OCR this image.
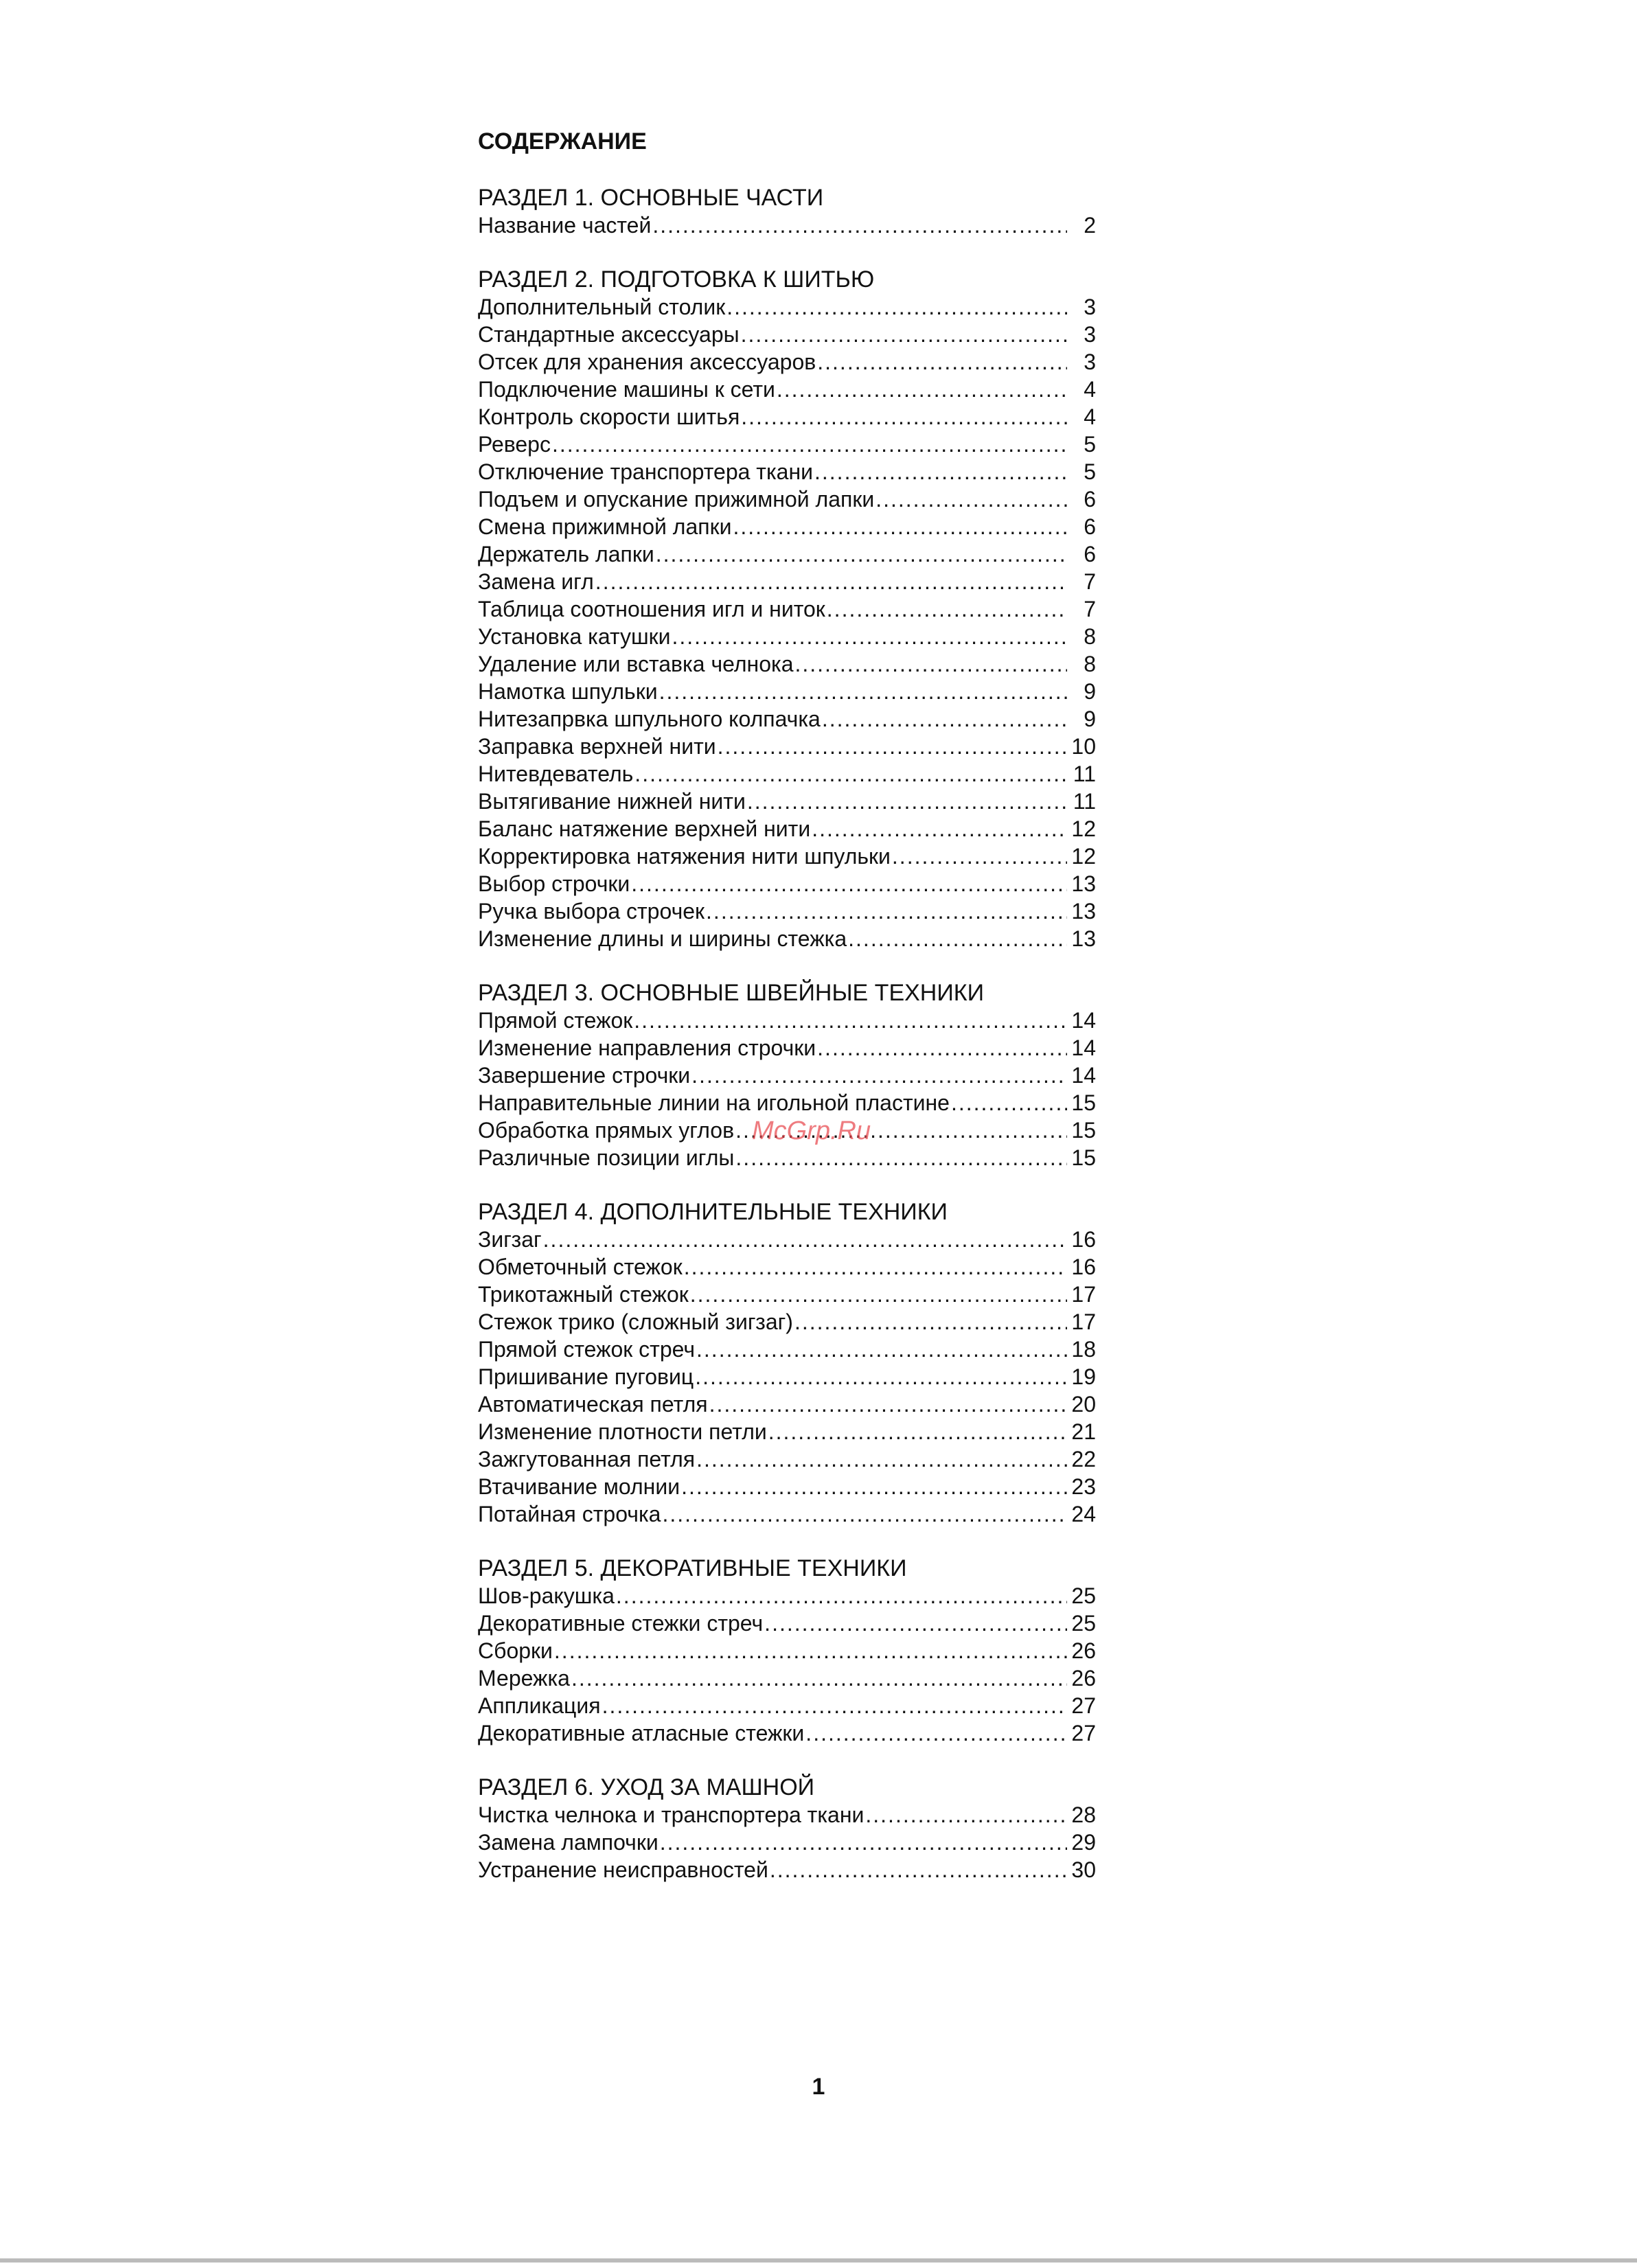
СОДЕРЖАНИЕ
РАЗДЕЛ 1. ОСНОВНЫЕ ЧАСТИ
Название частей .....	2
РАЗДЕЛ 2. ПОДГОТОВКА К ШИТЬЮ
Дополнительный столик .....	3
Стандартные аксессуары .....	3
Отсек для хранения аксессуаров .....	3
Подключение машины к сети .....	4
Контроль скорости шитья .....	4
Реверс .....	5
Отключение транспортера ткани .....	5
Подъем и опускание прижимной лапки .....	6
Смена прижимной лапки .....	6
Держатель лапки .....	6
Замена игл .....	7
Таблица соотношения игл и ниток .....	7
Установка катушки .....	8
Удаление или вставка челнока .....	8
Намотка шпульки .....	9
Нитезапрвка шпульного колпачка .....	9
Заправка верхней нити .....	10
Нитевдеватель .....	11
Вытягивание нижней нити .....	11
Баланс натяжение верхней нити .....	12
Корректировка натяжения нити шпульки .....	12
Выбор строчки .....	13
Ручка выбора строчек .....	13
Изменение длины и ширины стежка .....	13
РАЗДЕЛ 3. ОСНОВНЫЕ ШВЕЙНЫЕ ТЕХНИКИ
Прямой стежок .....	14
Изменение направления строчки .....	14
Завершение строчки .....	14
Направительные линии на игольной пластине .....	15
Обработка прямых углов .....	15
Различные позиции иглы .....	15
РАЗДЕЛ 4. ДОПОЛНИТЕЛЬНЫЕ ТЕХНИКИ
Зигзаг .....	16
Обметочный стежок .....	16
Трикотажный стежок .....	17
Стежок трико (сложный зигзаг) .....	17
Прямой стежок стреч .....	18
Пришивание пуговиц .....	19
Автоматическая петля .....	20
Изменение плотности петли .....	21
Зажгутованная петля .....	22
Втачивание молнии .....	23
Потайная строчка .....	24
РАЗДЕЛ 5. ДЕКОРАТИВНЫЕ ТЕХНИКИ
Шов-ракушка .....	25
Декоративные стежки стреч .....	25
Сборки .....	26
Мережка .....	26
Аппликация .....	27
Декоративные атласные стежки .....	27
РАЗДЕЛ 6. УХОД ЗА МАШНОЙ
Чистка челнока и транспортера ткани .....	28
Замена лампочки .....	29
Устранение неисправностей .....	30
McGrp.Ru
1
